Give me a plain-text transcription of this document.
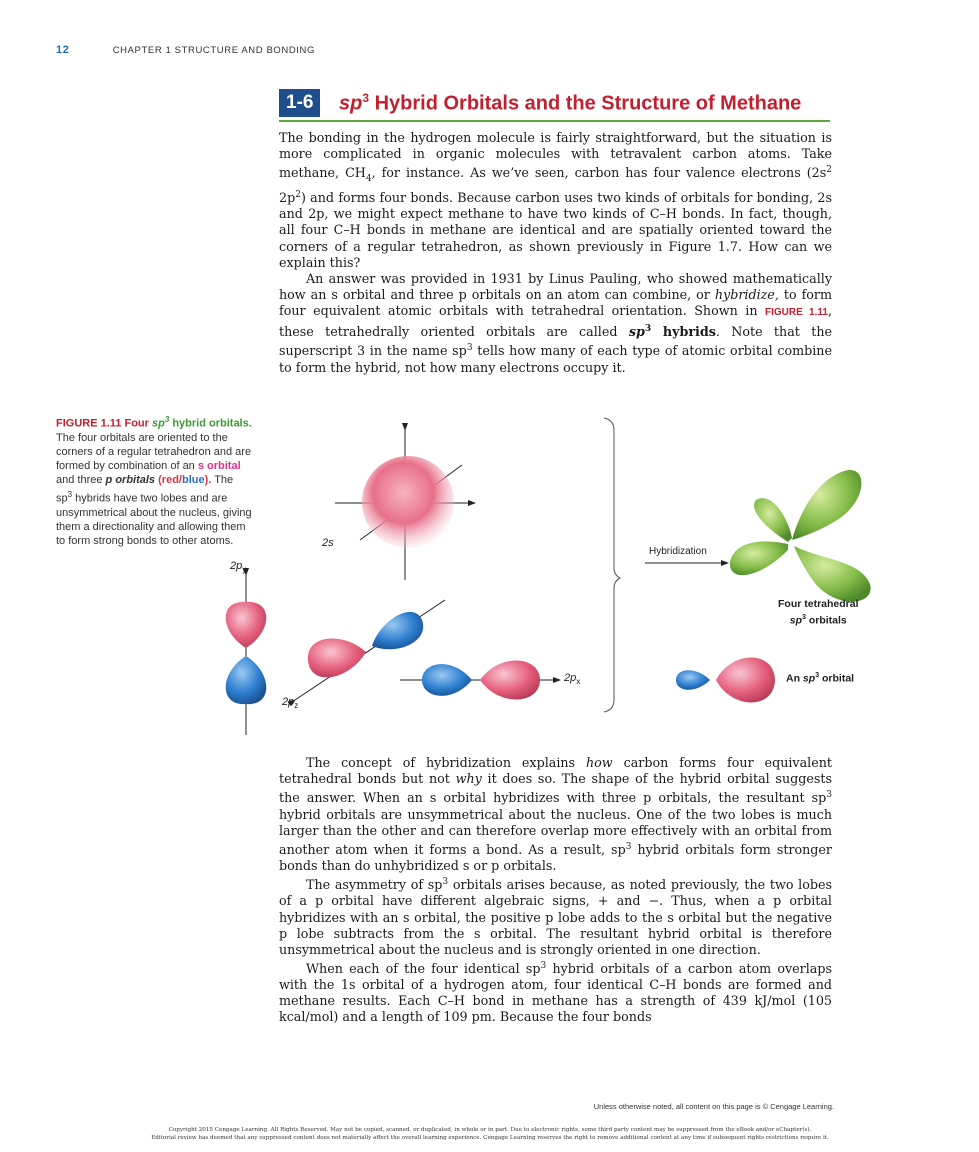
12	CHAPTER 1 STRUCTURE AND BONDING
1-6	$sp^3$ Hybrid Orbitals and the Structure of Methane

The bonding in the hydrogen molecule is fairly straightforward, but the situation is more complicated in organic molecules with tetravalent carbon atoms. Take methane, $CH_4$, for instance. As we’ve seen, carbon has four valence electrons ($2s^2$ $2p^2$) and forms four bonds. Because carbon uses two kinds of orbitals for bonding, 2s and 2p, we might expect methane to have two kinds of C–H bonds. In fact, though, all four C–H bonds in methane are identical and are spatially oriented toward the corners of a regular tetrahedron, as shown previously in Figure 1.7. How can we explain this?

An answer was provided in 1931 by Linus Pauling, who showed mathematically how an s orbital and three p orbitals on an atom can combine, or hybridize, to form four equivalent atomic orbitals with tetrahedral orientation. Shown in FIGURE 1.11, these tetrahedrally oriented orbitals are called $sp^3$ hybrids. Note that the superscript 3 in the name $sp^3$ tells how many of each type of atomic orbital combine to form the hybrid, not how many electrons occupy it.

FIGURE 1.11 Four $sp^3$ hybrid orbitals. The four orbitals are oriented to the corners of a regular tetrahedron and are formed by combination of an s orbital and three p orbitals (red/blue). The $sp^3$ hybrids have two lobes and are unsymmetrical about the nucleus, giving them a directionality and allowing them to form strong bonds to other atoms.	2s
$2p_y$
$2p_z$
$2p_x$
Hybridization
Four tetrahedral
$sp^3$ orbitals
An $sp^3$ orbital

The concept of hybridization explains how carbon forms four equivalent tetrahedral bonds but not why it does so. The shape of the hybrid orbital suggests the answer. When an s orbital hybridizes with three p orbitals, the resultant $sp^3$ hybrid orbitals are unsymmetrical about the nucleus. One of the two lobes is much larger than the other and can therefore overlap more effectively with an orbital from another atom when it forms a bond. As a result, $sp^3$ hybrid orbitals form stronger bonds than do unhybridized s or p orbitals.

The asymmetry of $sp^3$ orbitals arises because, as noted previously, the two lobes of a p orbital have different algebraic signs, + and −. Thus, when a p orbital hybridizes with an s orbital, the positive p lobe adds to the s orbital but the negative p lobe subtracts from the s orbital. The resultant hybrid orbital is therefore unsymmetrical about the nucleus and is strongly oriented in one direction.

When each of the four identical $sp^3$ hybrid orbitals of a carbon atom overlaps with the 1s orbital of a hydrogen atom, four identical C–H bonds are formed and methane results. Each C–H bond in methane has a strength of 439 kJ/mol (105 kcal/mol) and a length of 109 pm. Because the four bonds

Unless otherwise noted, all content on this page is © Cengage Learning.
Copyright 2015 Cengage Learning. All Rights Reserved. May not be copied, scanned, or duplicated, in whole or in part. Due to electronic rights, some third party content may be suppressed from the eBook and/or eChapter(s).
Editorial review has deemed that any suppressed content does not materially affect the overall learning experience. Cengage Learning reserves the right to remove additional content at any time if subsequent rights restrictions require it.
